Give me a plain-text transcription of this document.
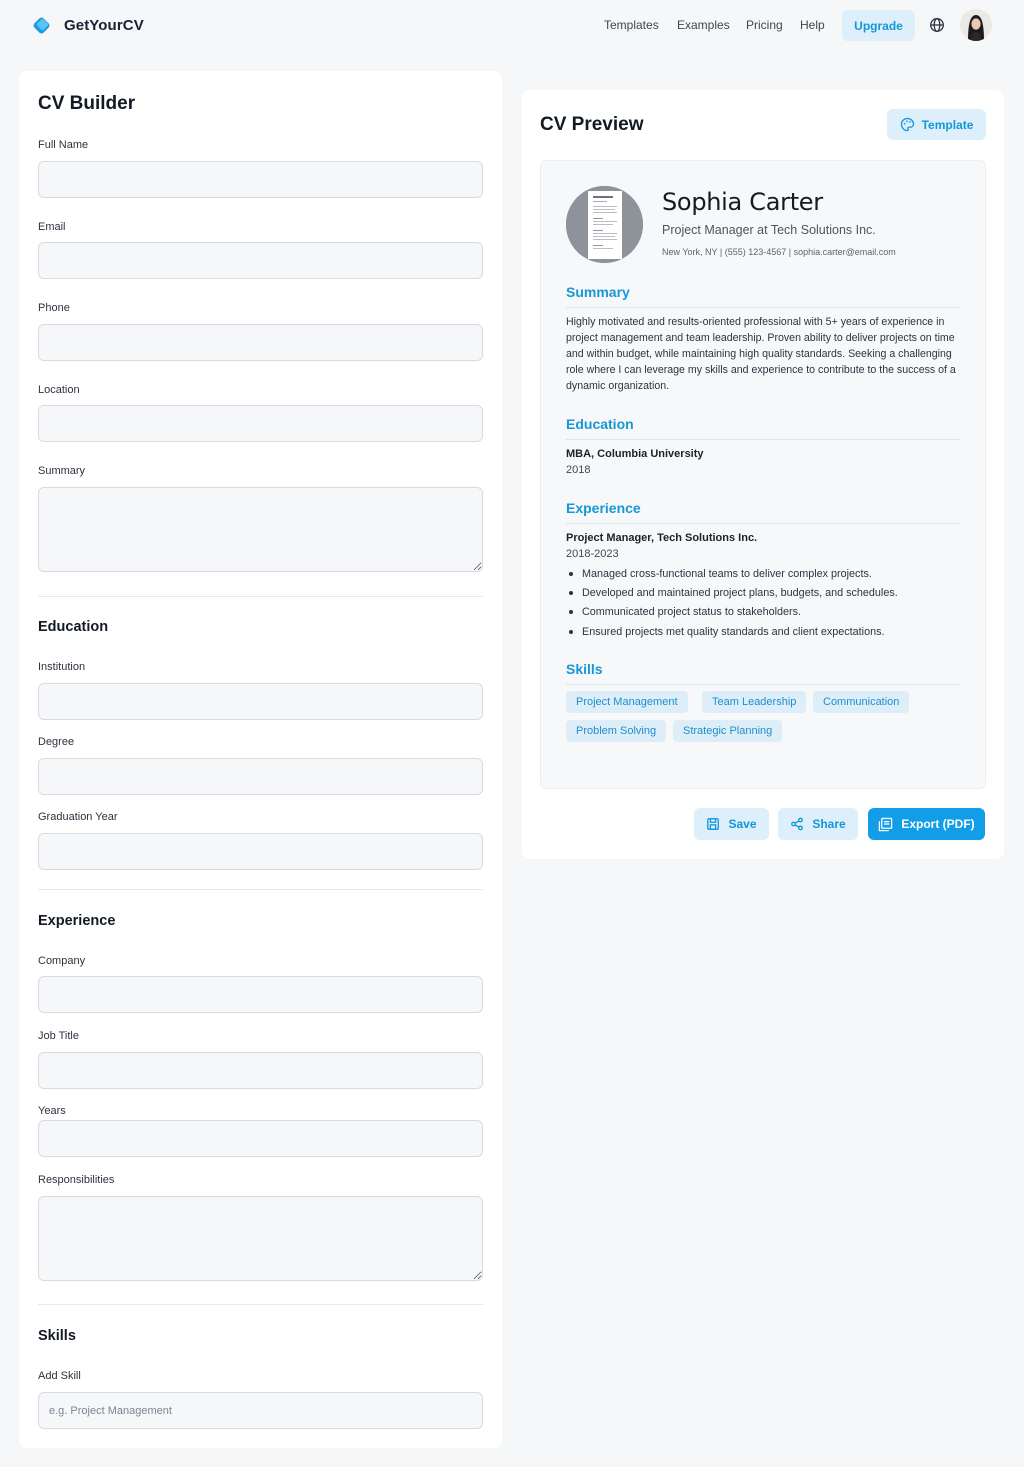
GetYourCV	Templates Examples Pricing Help	Upgrade
CV Builder
Full Name
Email
Phone
Location
Summary
Education
Institution
Degree
Graduation Year
Experience
Company
Job Title
Years
Responsibilities
Skills
Add Skill
e.g. Project Management
CV Preview	Template
Sophia Carter
Project Manager at Tech Solutions Inc.
New York, NY | (555) 123-4567 | sophia.carter@email.com
Summary
Highly motivated and results-oriented professional with 5+ years of experience in project management and team leadership. Proven ability to deliver projects on time and within budget, while maintaining high quality standards. Seeking a challenging role where I can leverage my skills and experience to contribute to the success of a dynamic organization.
Education
MBA, Columbia University
2018
Experience
Project Manager, Tech Solutions Inc.
2018-2023
Managed cross-functional teams to deliver complex projects.
Developed and maintained project plans, budgets, and schedules.
Communicated project status to stakeholders.
Ensured projects met quality standards and client expectations.
Skills
Project Management	Team Leadership	Communication
Problem Solving	Strategic Planning
Save	Share	Export (PDF)
